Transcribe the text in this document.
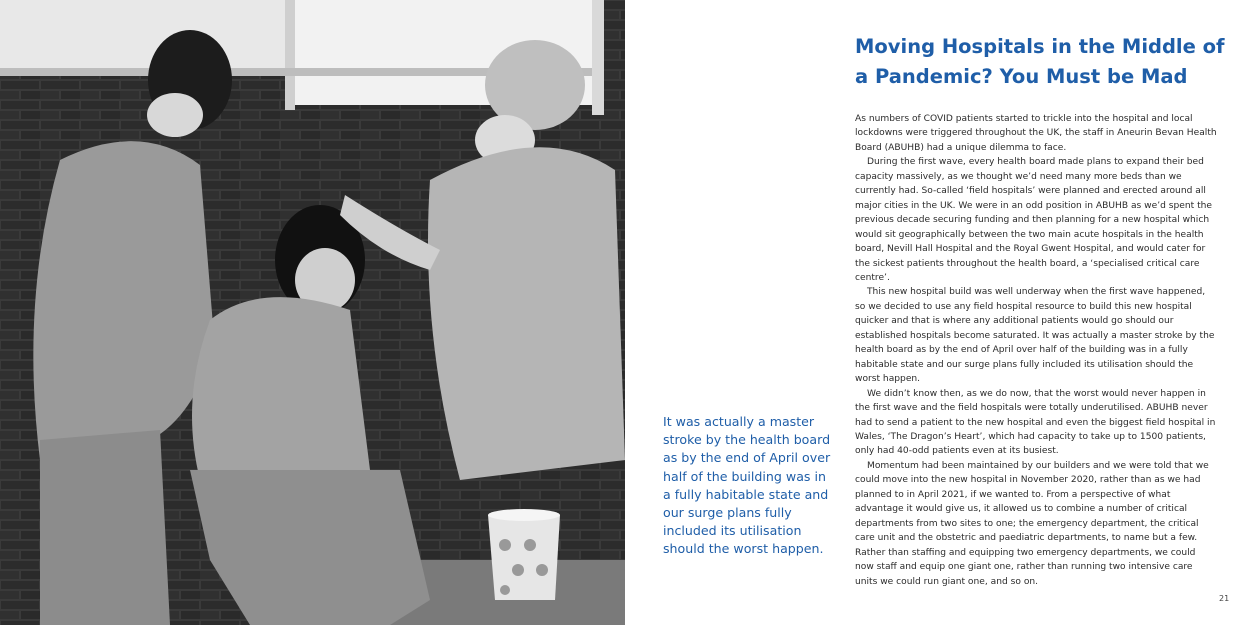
It was actually a master stroke by the health board as by the end of April over half of the building was in a fully habitable state and our surge plans fully included its utilisation should the worst happen.

Moving Hospitals in the Middle of a Pandemic? You Must be Mad

As numbers of COVID patients started to trickle into the hospital and local lockdowns were triggered throughout the UK, the staff in Aneurin Bevan Health Board (ABUHB) had a unique dilemma to face.

During the first wave, every health board made plans to expand their bed capacity massively, as we thought we’d need many more beds than we currently had. So-called ‘field hospitals’ were planned and erected around all major cities in the UK. We were in an odd position in ABUHB as we’d spent the previous decade securing funding and then planning for a new hospital which would sit geographically between the two main acute hospitals in the health board, Nevill Hall Hospital and the Royal Gwent Hospital, and would cater for the sickest patients throughout the health board, a ‘specialised critical care centre’.

This new hospital build was well underway when the first wave happened, so we decided to use any field hospital resource to build this new hospital quicker and that is where any additional patients would go should our established hospitals become saturated. It was actually a master stroke by the health board as by the end of April over half of the building was in a fully habitable state and our surge plans fully included its utilisation should the worst happen.

We didn’t know then, as we do now, that the worst would never happen in the first wave and the field hospitals were totally underutilised. ABUHB never had to send a patient to the new hospital and even the biggest field hospital in Wales, ‘The Dragon’s Heart’, which had capacity to take up to 1500 patients, only had 40-odd patients even at its busiest.

Momentum had been maintained by our builders and we were told that we could move into the new hospital in November 2020, rather than as we had planned to in April 2021, if we wanted to. From a perspective of what advantage it would give us, it allowed us to combine a number of critical departments from two sites to one; the emergency department, the critical care unit and the obstetric and paediatric departments, to name but a few. Rather than staffing and equipping two emergency departments, we could now staff and equip one giant one, rather than running two intensive care units we could run giant one, and so on.

21
